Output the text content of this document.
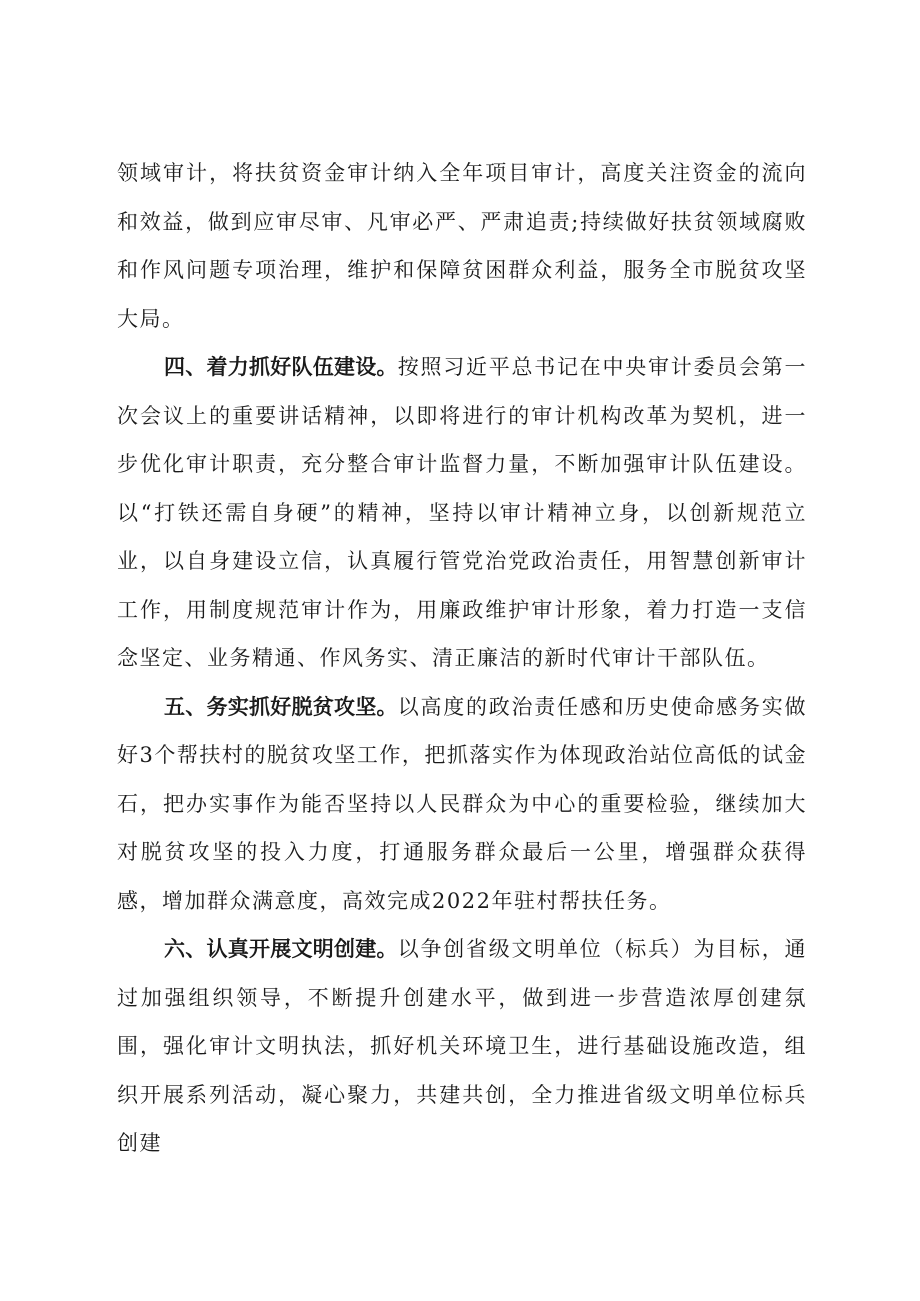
领域审计，将扶贫资金审计纳入全年项目审计，高度关注资金的流向和效益，做到应审尽审、凡审必严、严肃追责;持续做好扶贫领域腐败和作风问题专项治理，维护和保障贫困群众利益，服务全市脱贫攻坚大局。

四、着力抓好队伍建设。按照习近平总书记在中央审计委员会第一次会议上的重要讲话精神，以即将进行的审计机构改革为契机，进一步优化审计职责，充分整合审计监督力量，不断加强审计队伍建设。以“打铁还需自身硬”的精神，坚持以审计精神立身，以创新规范立业，以自身建设立信，认真履行管党治党政治责任，用智慧创新审计工作，用制度规范审计作为，用廉政维护审计形象，着力打造一支信念坚定、业务精通、作风务实、清正廉洁的新时代审计干部队伍。

五、务实抓好脱贫攻坚。以高度的政治责任感和历史使命感务实做好3个帮扶村的脱贫攻坚工作，把抓落实作为体现政治站位高低的试金石，把办实事作为能否坚持以人民群众为中心的重要检验，继续加大对脱贫攻坚的投入力度，打通服务群众最后一公里，增强群众获得感，增加群众满意度，高效完成2022年驻村帮扶任务。

六、认真开展文明创建。以争创省级文明单位（标兵）为目标，通过加强组织领导，不断提升创建水平，做到进一步营造浓厚创建氛围，强化审计文明执法，抓好机关环境卫生，进行基础设施改造，组织开展系列活动，凝心聚力，共建共创，全力推进省级文明单位标兵创建
